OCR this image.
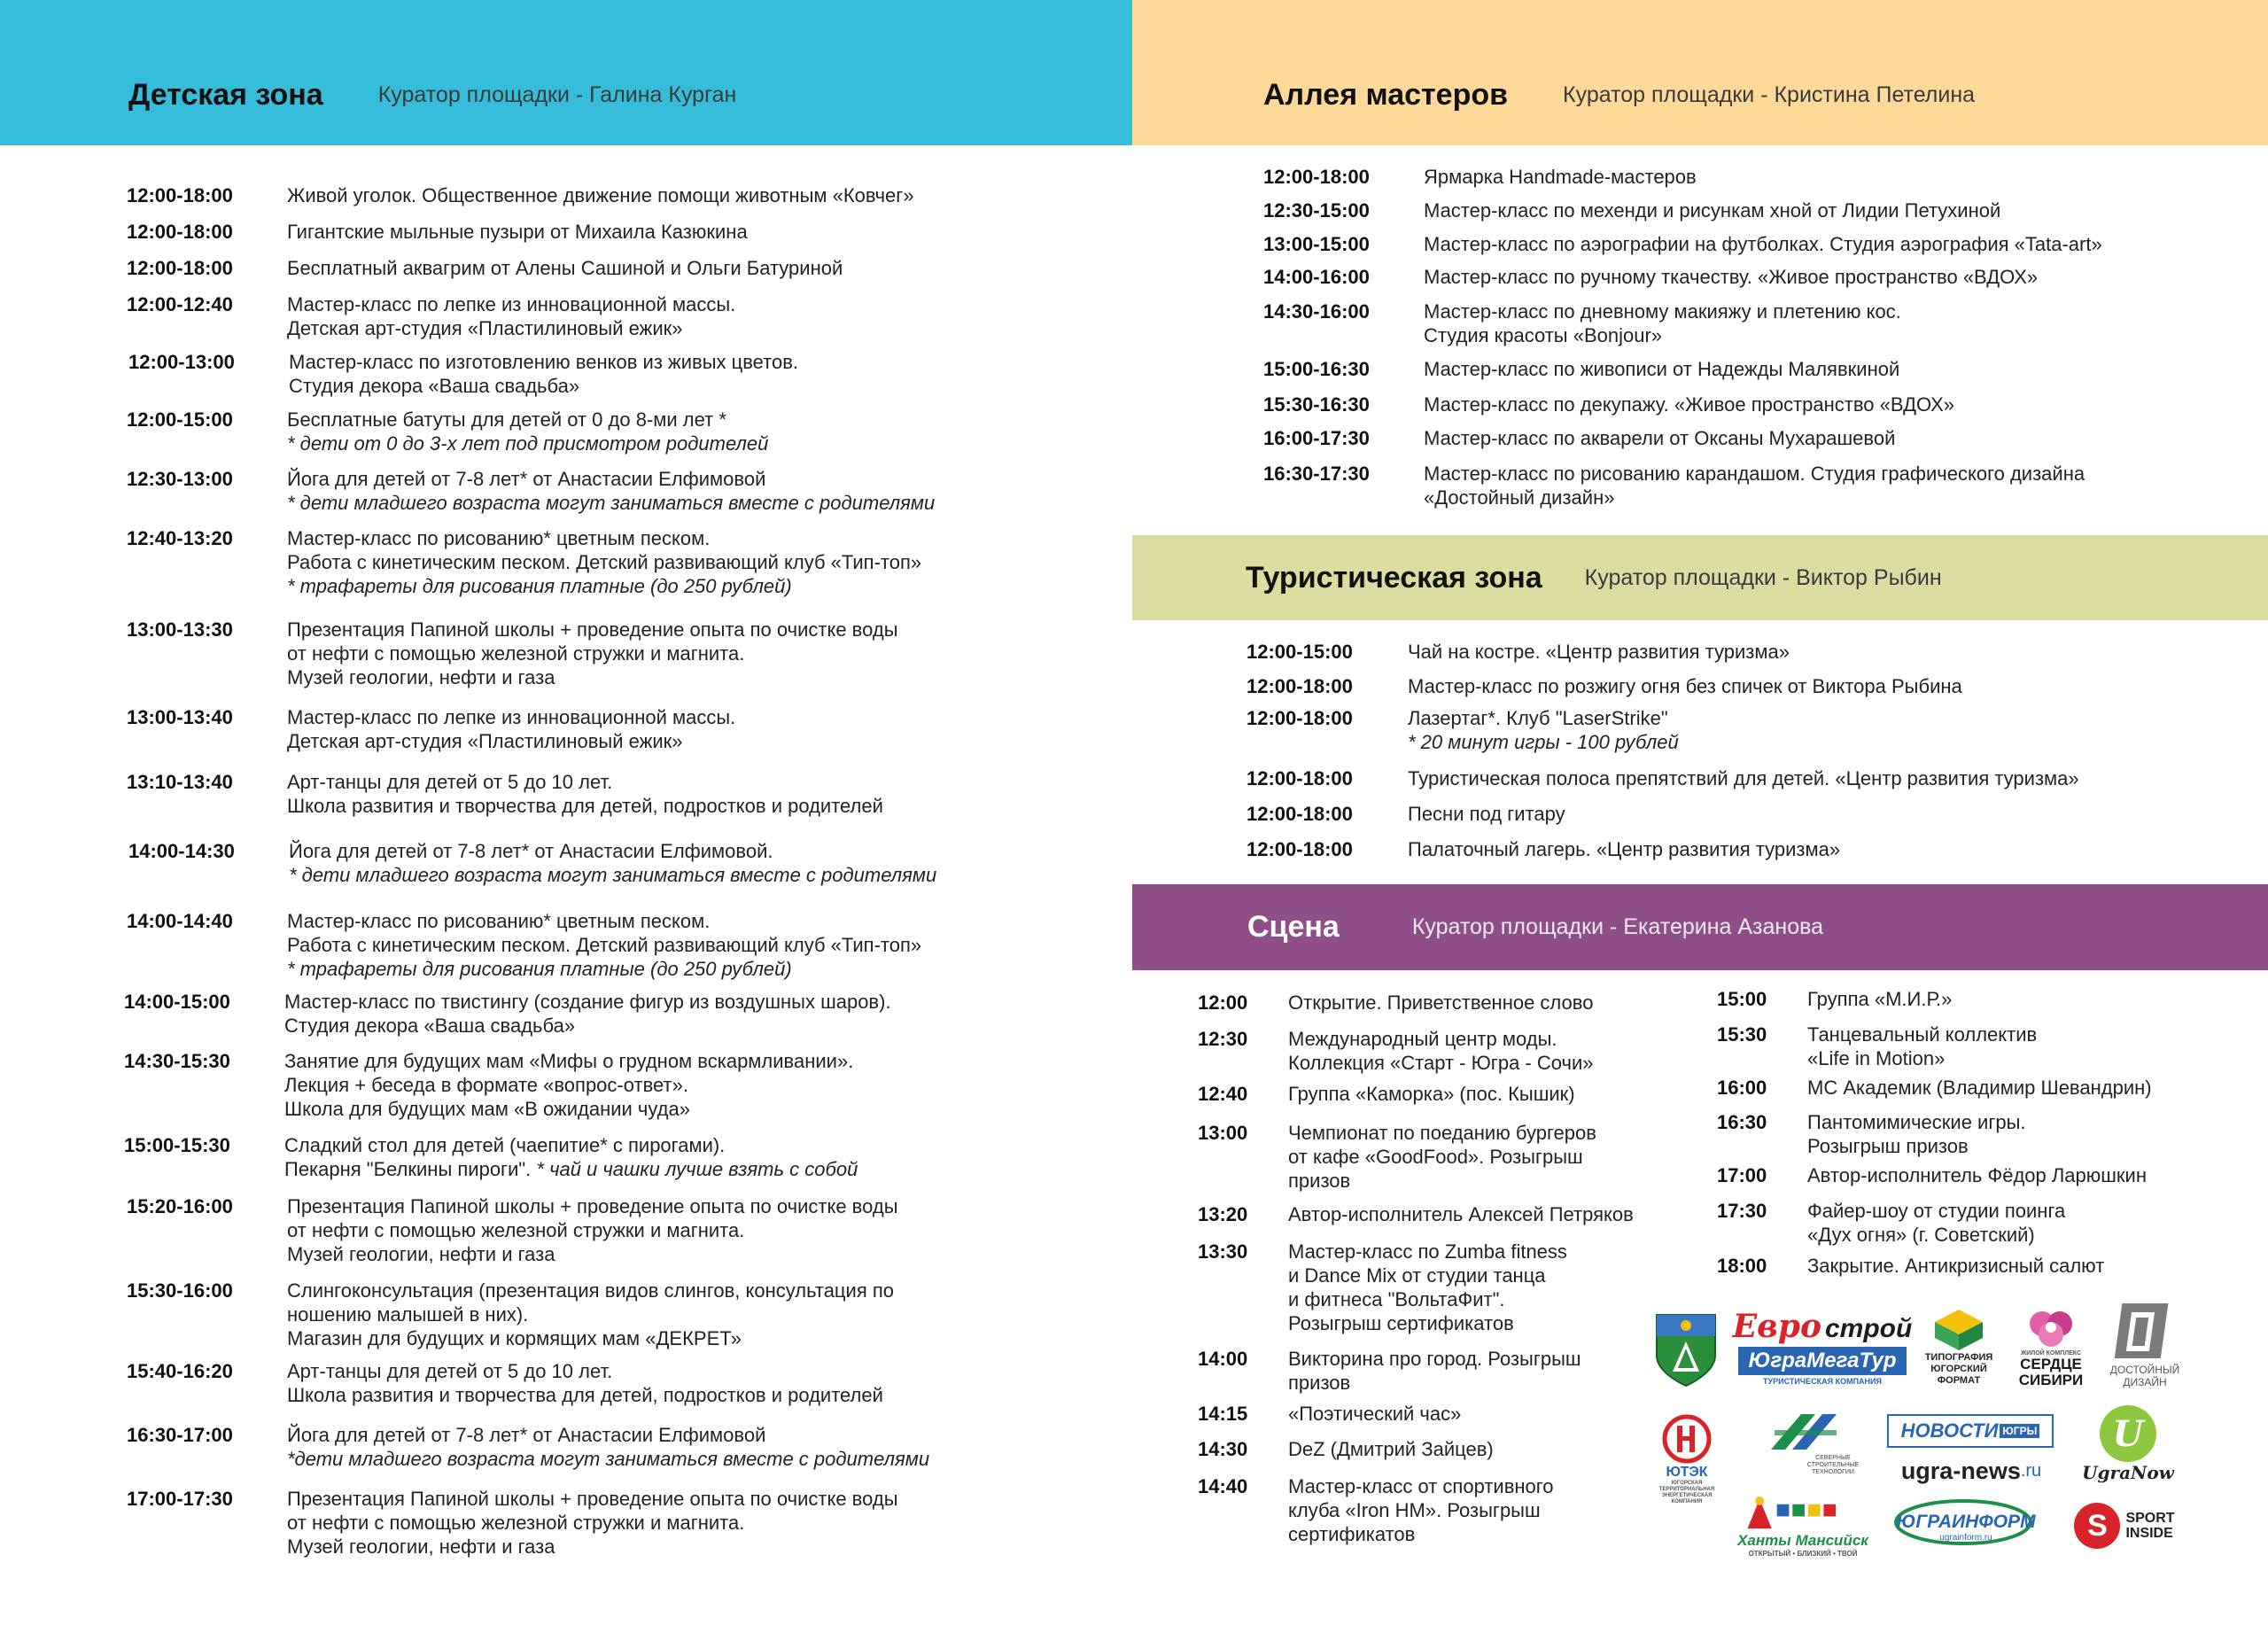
Детская зона Куратор площадки - Галина Курган	Аллея мастеров Куратор площадки - Кристина Петелина
Туристическая зона Куратор площадки - Виктор Рыбин
Сцена	Куратор площадки - Екатерина Азанова
12:00-18:00	Живой уголок. Общественное движение помощи животным «Ковчег»
12:00-18:00	Гигантские мыльные пузыри от Михаила Казюкина
12:00-18:00	Бесплатный аквагрим от Алены Сашиной и Ольги Батуриной
12:00-12:40	Мастер-класс по лепке из инновационной массы.
Детская арт-студия «Пластилиновый ежик»
12:00-13:00	Мастер-класс по изготовлению венков из живых цветов.
Студия декора «Ваша свадьба»
12:00-15:00	Бесплатные батуты для детей от 0 до 8-ми лет *
* дети от 0 до 3-х лет под присмотром родителей
12:30-13:00	Йога для детей от 7-8 лет* от Анастасии Елфимовой
* дети младшего возраста могут заниматься вместе с родителями
12:40-13:20	Мастер-класс по рисованию* цветным песком.
Работа с кинетическим песком. Детский развивающий клуб «Тип-топ»
* трафареты для рисования платные (до 250 рублей)
13:00-13:30	Презентация Папиной школы + проведение опыта по очистке воды
от нефти с помощью железной стружки и магнита.
Музей геологии, нефти и газа
13:00-13:40	Мастер-класс по лепке из инновационной массы.
Детская арт-студия «Пластилиновый ежик»
13:10-13:40	Арт-танцы для детей от 5 до 10 лет.
Школа развития и творчества для детей, подростков и родителей
14:00-14:30	Йога для детей от 7-8 лет* от Анастасии Елфимовой.
* дети младшего возраста могут заниматься вместе с родителями
14:00-14:40	Мастер-класс по рисованию* цветным песком.
Работа с кинетическим песком. Детский развивающий клуб «Тип-топ»
* трафареты для рисования платные (до 250 рублей)
14:00-15:00	Мастер-класс по твистингу (создание фигур из воздушных шаров).
Студия декора «Ваша свадьба»
14:30-15:30	Занятие для будущих мам «Мифы о грудном вскармливании».
Лекция + беседа в формате «вопрос-ответ».
Школа для будущих мам «В ожидании чуда»
15:00-15:30	Сладкий стол для детей (чаепитие* с пирогами).
Пекарня "Белкины пироги". * чай и чашки лучше взять с собой
15:20-16:00	Презентация Папиной школы + проведение опыта по очистке воды
от нефти с помощью железной стружки и магнита.
Музей геологии, нефти и газа
15:30-16:00	Слингоконсультация (презентация видов слингов, консультация по
ношению малышей в них).
Магазин для будущих и кормящих мам «ДЕКРЕТ»
15:40-16:20	Арт-танцы для детей от 5 до 10 лет.
Школа развития и творчества для детей, подростков и родителей
16:30-17:00	Йога для детей от 7-8 лет* от Анастасии Елфимовой
*дети младшего возраста могут заниматься вместе с родителями
17:00-17:30	Презентация Папиной школы + проведение опыта по очистке воды
от нефти с помощью железной стружки и магнита.
Музей геологии, нефти и газа
12:00-18:00	Ярмарка Handmade-мастеров
12:30-15:00	Мастер-класс по мехенди и рисункам хной от Лидии Петухиной
13:00-15:00	Мастер-класс по аэрографии на футболках. Студия аэрография «Tata-art»
14:00-16:00	Мастер-класс по ручному ткачеству. «Живое пространство «ВДОХ»
14:30-16:00	Мастер-класс по дневному макияжу и плетению кос.
Студия красоты «Bonjour»
15:00-16:30	Мастер-класс по живописи от Надежды Малявкиной
15:30-16:30	Мастер-класс по декупажу. «Живое пространство «ВДОХ»
16:00-17:30	Мастер-класс по акварели от Оксаны Мухарашевой
16:30-17:30	Мастер-класс по рисованию карандашом. Студия графического дизайна
«Достойный дизайн»
12:00-15:00	Чай на костре. «Центр развития туризма»
12:00-18:00	Мастер-класс по розжигу огня без спичек от Виктора Рыбина
12:00-18:00	Лазертаг*. Клуб "LaserStrike"
* 20 минут игры - 100 рублей
12:00-18:00	Туристическая полоса препятствий для детей. «Центр развития туризма»
12:00-18:00	Песни под гитару
12:00-18:00	Палаточный лагерь. «Центр развития туризма»
12:00	Открытие. Приветственное слово
12:30	Международный центр моды.
Коллекция «Старт - Югра - Сочи»
12:40	Группа «Каморка» (пос. Кышик)
13:00	Чемпионат по поеданию бургеров
от кафе «GoodFood». Розыгрыш
призов
13:20	Автор-исполнитель Алексей Петряков
13:30	Мастер-класс по Zumba fitness
и Dance Mix от студии танца
и фитнеса "ВольтаФит".
Розыгрыш сертификатов
14:00	Викторина про город. Розыгрыш
призов
14:15	«Поэтический час»
14:30	DeZ (Дмитрий Зайцев)
14:40	Мастер-класс от спортивного
клуба «Iron HM». Розыгрыш
сертификатов
15:00	Группа «М.И.Р.»
15:30	Танцевальный коллектив
«Life in Motion»
16:00	МС Академик (Владимир Шевандрин)
16:30	Пантомимические игры.
Розыгрыш призов
17:00	Автор-исполнитель Фёдор Ларюшкин
17:30	Файер-шоу от студии поинга
«Дух огня» (г. Советский)
18:00	Закрытие. Антикризисный салют
Евро строй
ЮграМегаТур
ТУРИСТИЧЕСКАЯ КОМПАНИЯ
ТИПОГРАФИЯ
ЮГОРСКИЙ
ФОРМАТ
ЖИЛОЙ КОМПЛЕКС
СЕРДЦЕ
СИБИРИ
ДОСТОЙНЫЙ
ДИЗАЙН
ЮТЭК
ЮГОРСКАЯ
ТЕРРИТОРИАЛЬНАЯ
ЭНЕРГЕТИЧЕСКАЯ
КОМПАНИЯ
СЕВЕРНЫЕ
СТРОИТЕЛЬНЫЕ
ТЕХНОЛОГИИ
НОВОСТИ ЮГРЫ
ugra-news .ru
U
UgraNow
Ханты Мансийск
ОТКРЫТЫЙ • БЛИЗКИЙ • ТВОЙ
ЮГРАИНФОРМ
ugrainform.ru	S SPORT
INSIDE
